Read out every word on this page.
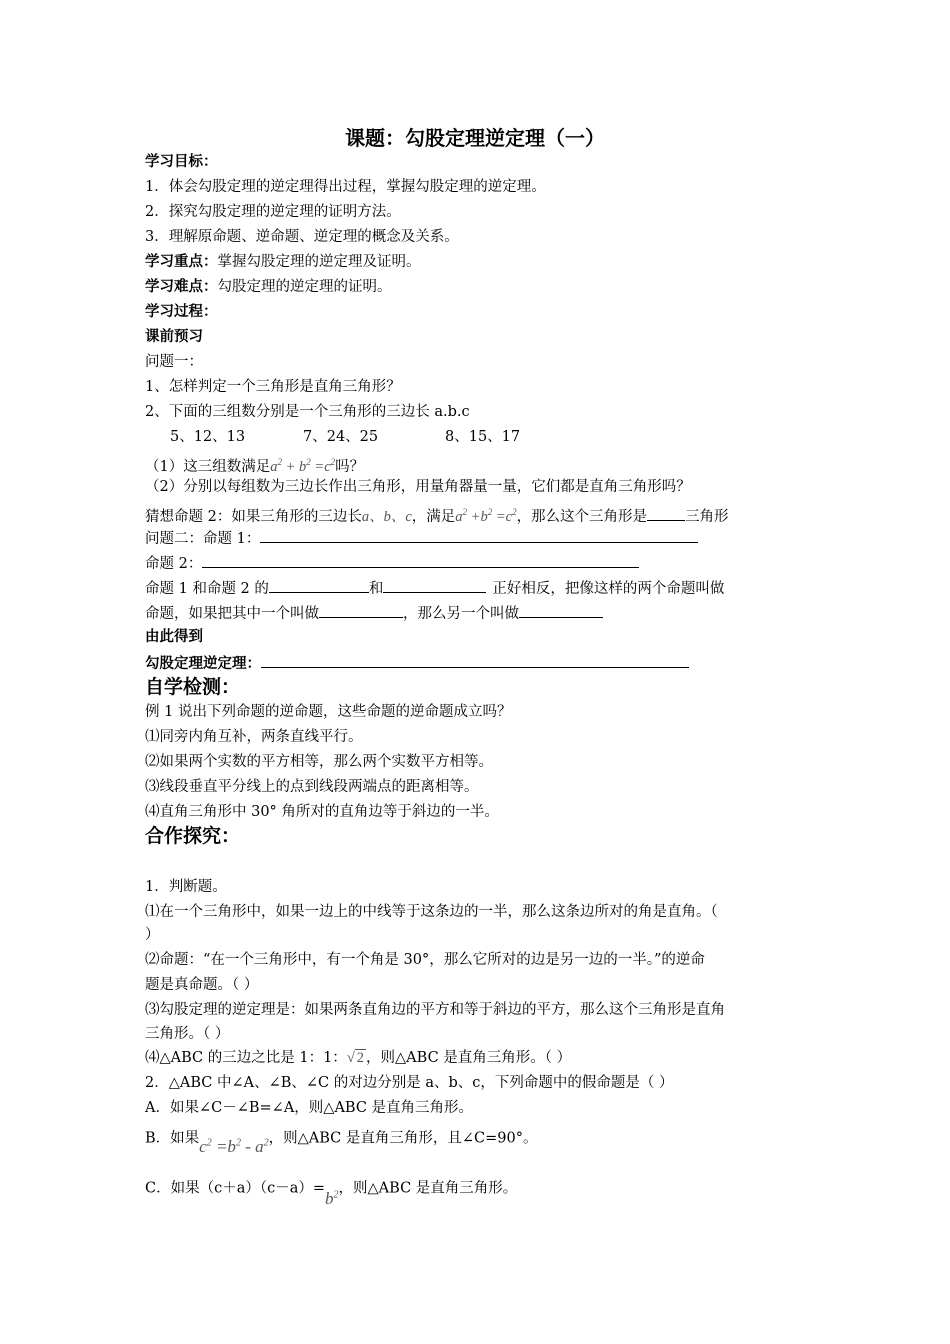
课题：勾股定理逆定理（一）
学习目标：
1．体会勾股定理的逆定理得出过程，掌握勾股定理的逆定理。
2．探究勾股定理的逆定理的证明方法。
3．理解原命题、逆命题、逆定理的概念及关系。
学习重点：掌握勾股定理的逆定理及证明。
学习难点：勾股定理的逆定理的证明。
学习过程：
课前预习
问题一：
1、怎样判定一个三角形是直角三角形？
2、下面的三组数分别是一个三角形的三边长 a.b.c
5、12、13	7、24、25	8、15、17
（1）这三组数满足$a^2 + b^2 =c^2$吗？
（2）分别以每组数为三边长作出三角形，用量角器量一量，它们都是直角三角形吗？
猜想命题 2：如果三角形的三边长a、b、c，满足$a^2 +b^2 =c^2$，那么这个三角形是	三角形
问题二：命题 1：
命题 2：
命题 1 和命题 2 的	和	正好相反，把像这样的两个命题叫做
命题，如果把其中一个叫做	，那么另一个叫做
由此得到
勾股定理逆定理：
自学检测：
例 1 说出下列命题的逆命题，这些命题的逆命题成立吗？
⑴同旁内角互补，两条直线平行。
⑵如果两个实数的平方相等，那么两个实数平方相等。
⑶线段垂直平分线上的点到线段两端点的距离相等。
⑷直角三角形中 30° 角所对的直角边等于斜边的一半。
合作探究：
1．判断题。
⑴在一个三角形中，如果一边上的中线等于这条边的一半，那么这条边所对的角是直角。（
）
⑵命题：“在一个三角形中，有一个角是 30°，那么它所对的边是另一边的一半。”的逆命
题是真命题。（ ）
⑶勾股定理的逆定理是：如果两条直角边的平方和等于斜边的平方，那么这个三角形是直角
三角形。（ ）
⑷△ABC 的三边之比是 1：1：√ 2 ，则△ABC 是直角三角形。（ ）
2．△ABC 中∠A、∠B、∠C 的对边分别是 a、b、c，下列命题中的假命题是（ ）
A．如果∠C－∠B=∠A，则△ABC 是直角三角形。
B．如果$c^2 =b^2 - a^2$，则△ABC 是直角三角形，且∠C=90°。
C．如果$(c+a)(c-a)=b^2$，则△ABC 是直角三角形。
